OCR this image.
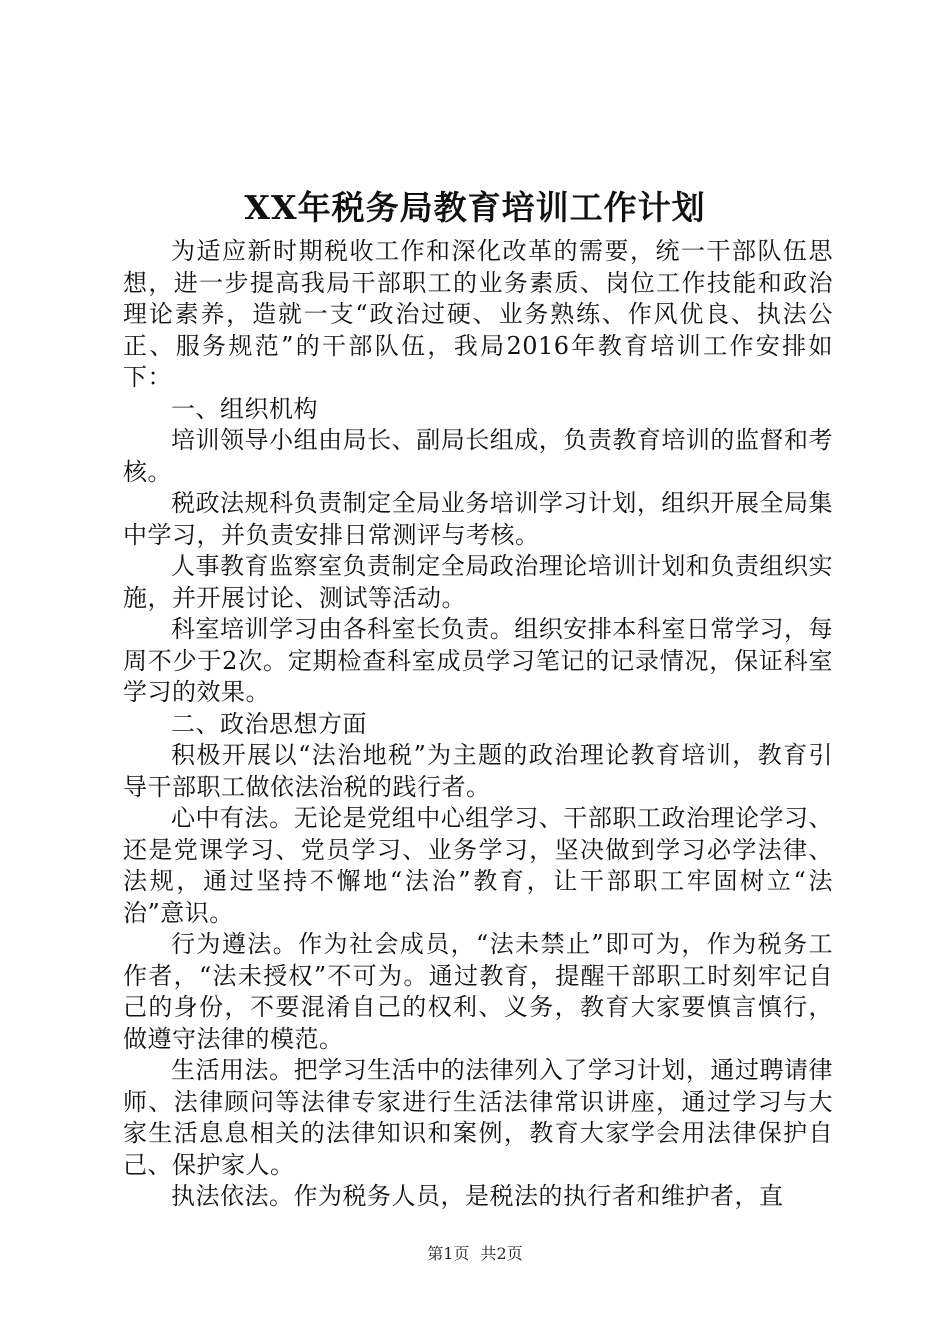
XX年税务局教育培训工作计划

为适应新时期税收工作和深化改革的需要，统一干部队伍思想，进一步提高我局干部职工的业务素质、岗位工作技能和政治理论素养，造就一支“政治过硬、业务熟练、作风优良、执法公正、服务规范”的干部队伍，我局2016年教育培训工作安排如下：

一、组织机构

培训领导小组由局长、副局长组成，负责教育培训的监督和考核。

税政法规科负责制定全局业务培训学习计划，组织开展全局集中学习，并负责安排日常测评与考核。

人事教育监察室负责制定全局政治理论培训计划和负责组织实施，并开展讨论、测试等活动。

科室培训学习由各科室长负责。组织安排本科室日常学习，每周不少于2次。定期检查科室成员学习笔记的记录情况，保证科室学习的效果。

二、政治思想方面

积极开展以“法治地税”为主题的政治理论教育培训，教育引导干部职工做依法治税的践行者。

心中有法。无论是党组中心组学习、干部职工政治理论学习、还是党课学习、党员学习、业务学习，坚决做到学习必学法律、法规，通过坚持不懈地“法治”教育，让干部职工牢固树立“法治”意识。

行为遵法。作为社会成员，“法未禁止”即可为，作为税务工作者，“法未授权”不可为。通过教育，提醒干部职工时刻牢记自己的身份，不要混淆自己的权利、义务，教育大家要慎言慎行，做遵守法律的模范。

生活用法。把学习生活中的法律列入了学习计划，通过聘请律师、法律顾问等法律专家进行生活法律常识讲座，通过学习与大家生活息息相关的法律知识和案例，教育大家学会用法律保护自己、保护家人。

执法依法。作为税务人员，是税法的执行者和维护者，直

第1页 共2页
